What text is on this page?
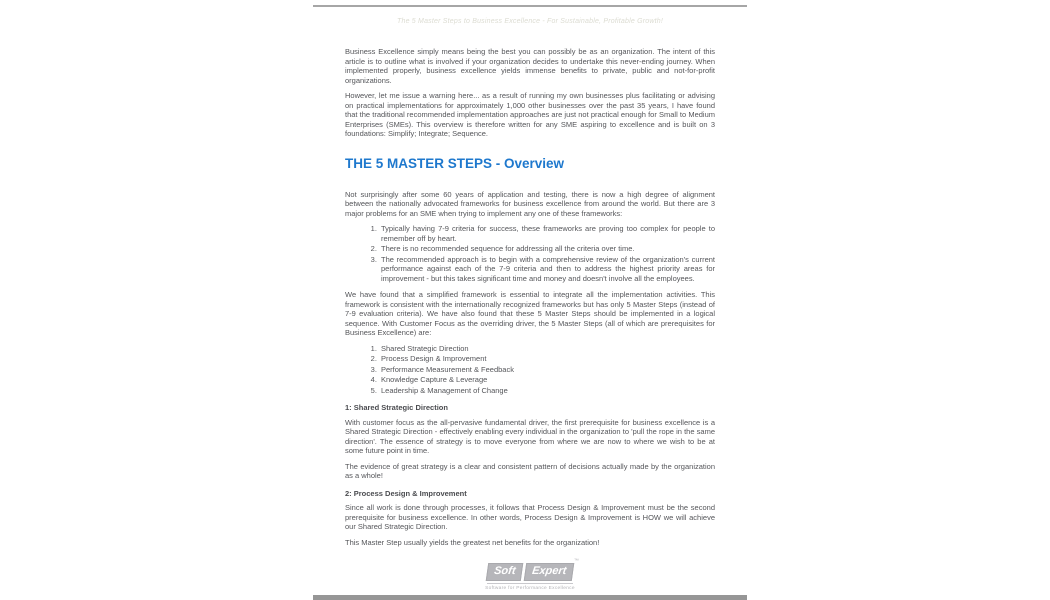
The 5 Master Steps to Business Excellence - For Sustainable, Profitable Growth!

Business Excellence simply means being the best you can possibly be as an organization. The intent of this article is to outline what is involved if your organization decides to undertake this never-ending journey. When implemented properly, business excellence yields immense benefits to private, public and not-for-profit organizations.

However, let me issue a warning here... as a result of running my own businesses plus facilitating or advising on practical implementations for approximately 1,000 other businesses over the past 35 years, I have found that the traditional recommended implementation approaches are just not practical enough for Small to Medium Enterprises (SMEs). This overview is therefore written for any SME aspiring to excellence and is built on 3 foundations: Simplify; Integrate; Sequence.

THE 5 MASTER STEPS - Overview

Not surprisingly after some 60 years of application and testing, there is now a high degree of alignment between the nationally advocated frameworks for business excellence from around the world. But there are 3 major problems for an SME when trying to implement any one of these frameworks:

1. Typically having 7-9 criteria for success, these frameworks are proving too complex for people to remember off by heart.
2. There is no recommended sequence for addressing all the criteria over time.
3. The recommended approach is to begin with a comprehensive review of the organization's current performance against each of the 7-9 criteria and then to address the highest priority areas for improvement - but this takes significant time and money and doesn't involve all the employees.

We have found that a simplified framework is essential to integrate all the implementation activities. This framework is consistent with the internationally recognized frameworks but has only 5 Master Steps (instead of 7-9 evaluation criteria). We have also found that these 5 Master Steps should be implemented in a logical sequence. With Customer Focus as the overriding driver, the 5 Master Steps (all of which are prerequisites for Business Excellence) are:

1. Shared Strategic Direction
2. Process Design & Improvement
3. Performance Measurement & Feedback
4. Knowledge Capture & Leverage
5. Leadership & Management of Change
1: Shared Strategic Direction

With customer focus as the all-pervasive fundamental driver, the first prerequisite for business excellence is a Shared Strategic Direction - effectively enabling every individual in the organization to 'pull the rope in the same direction'. The essence of strategy is to move everyone from where we are now to where we wish to be at some future point in time.

The evidence of great strategy is a clear and consistent pattern of decisions actually made by the organization as a whole!

2: Process Design & Improvement

Since all work is done through processes, it follows that Process Design & Improvement must be the second prerequisite for business excellence. In other words, Process Design & Improvement is HOW we will achieve our Shared Strategic Direction.

This Master Step usually yields the greatest net benefits for the organization!

Soft Expert
™
Software for Performance Excellence
